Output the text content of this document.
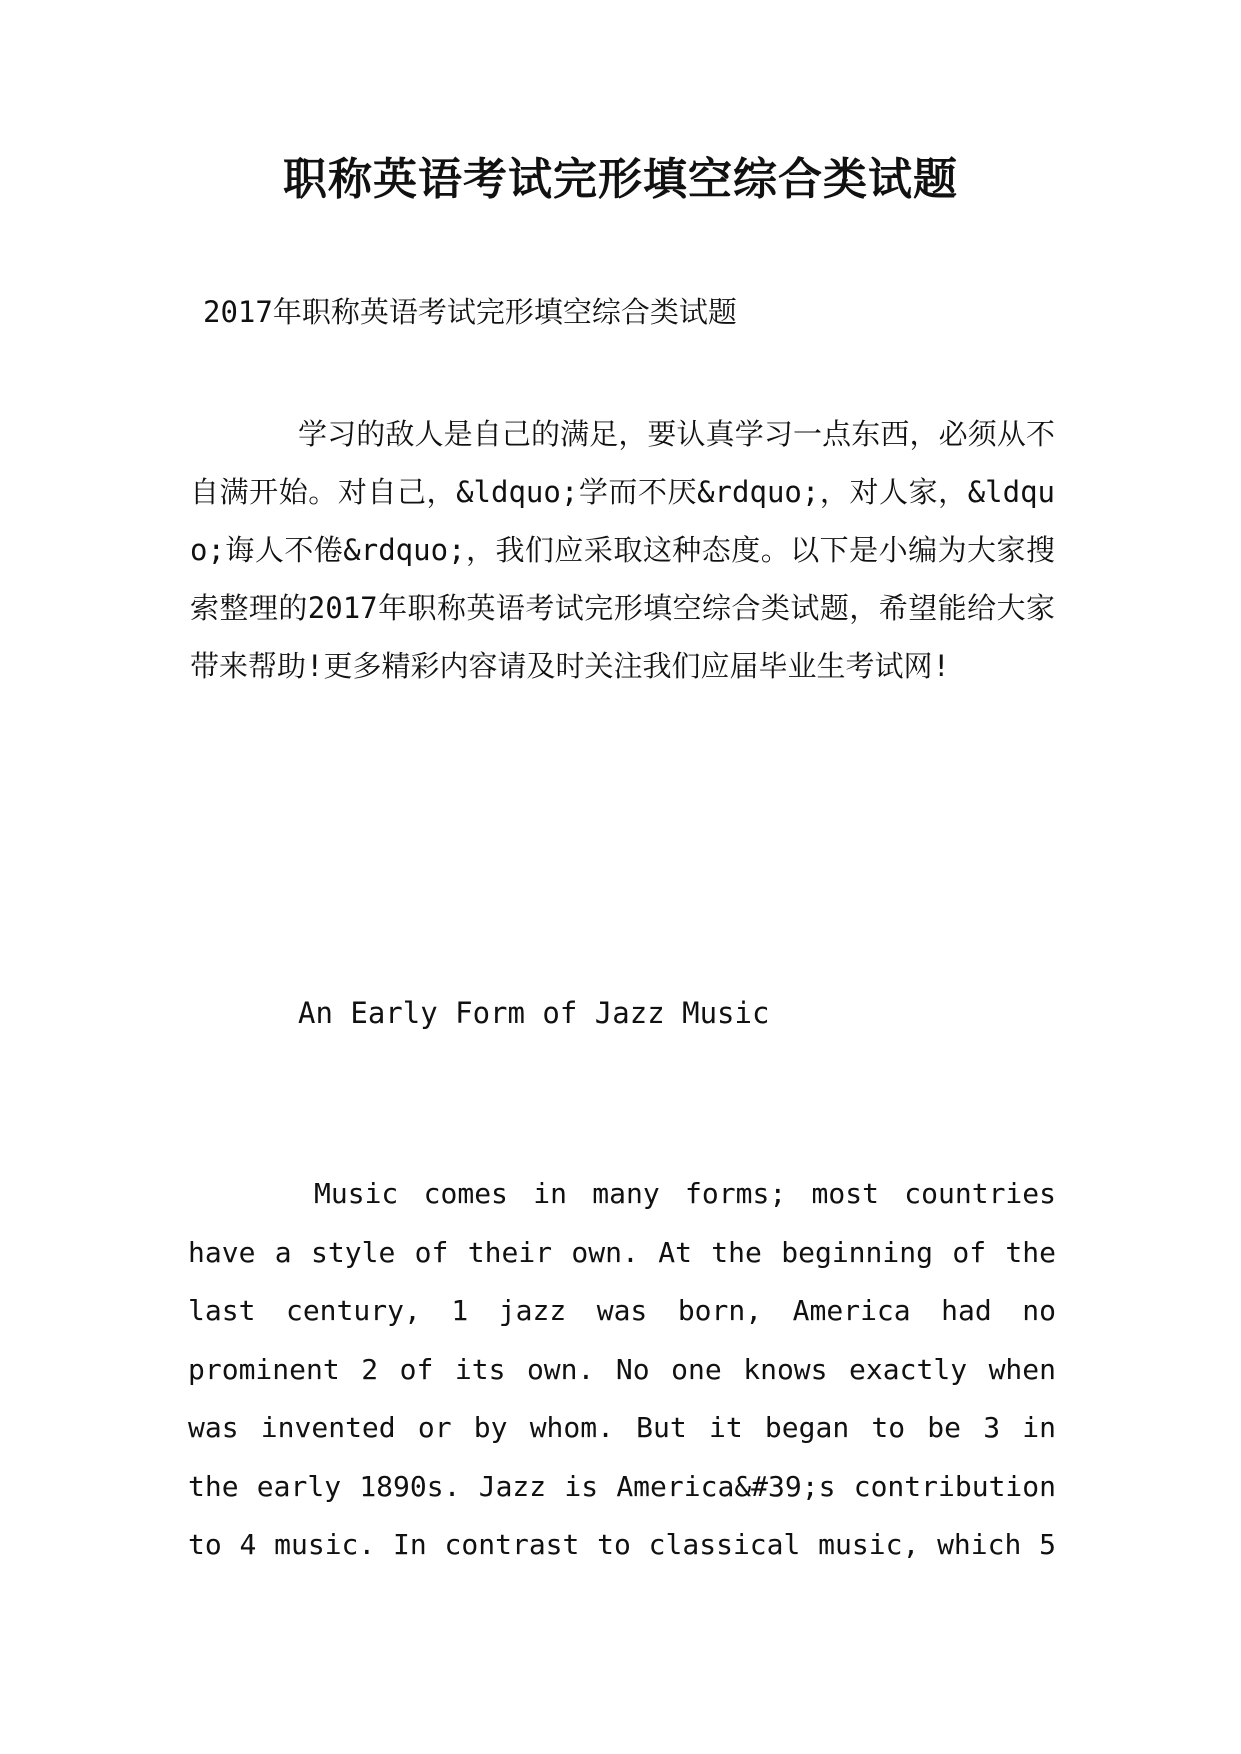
职称英语考试完形填空综合类试题

2017年职称英语考试完形填空综合类试题

学习的敌人是自己的满足，要认真学习一点东西，必须从不自满开始。对自己，&ldquo;学而不厌&rdquo;，对人家，&ldquo;诲人不倦&rdquo;，我们应采取这种态度。以下是小编为大家搜索整理的2017年职称英语考试完形填空综合类试题，希望能给大家带来帮助!更多精彩内容请及时关注我们应届毕业生考试网!

An Early Form of Jazz Music

Music comes in many forms; most countries have a style of their own. At the beginning of the last century, 1 jazz was born, America had no prominent 2 of its own. No one knows exactly when was invented or by whom. But it began to be 3 in the early 1890s. Jazz is America&#39;s contribution to 4 music. In contrast to classical music, which 5
